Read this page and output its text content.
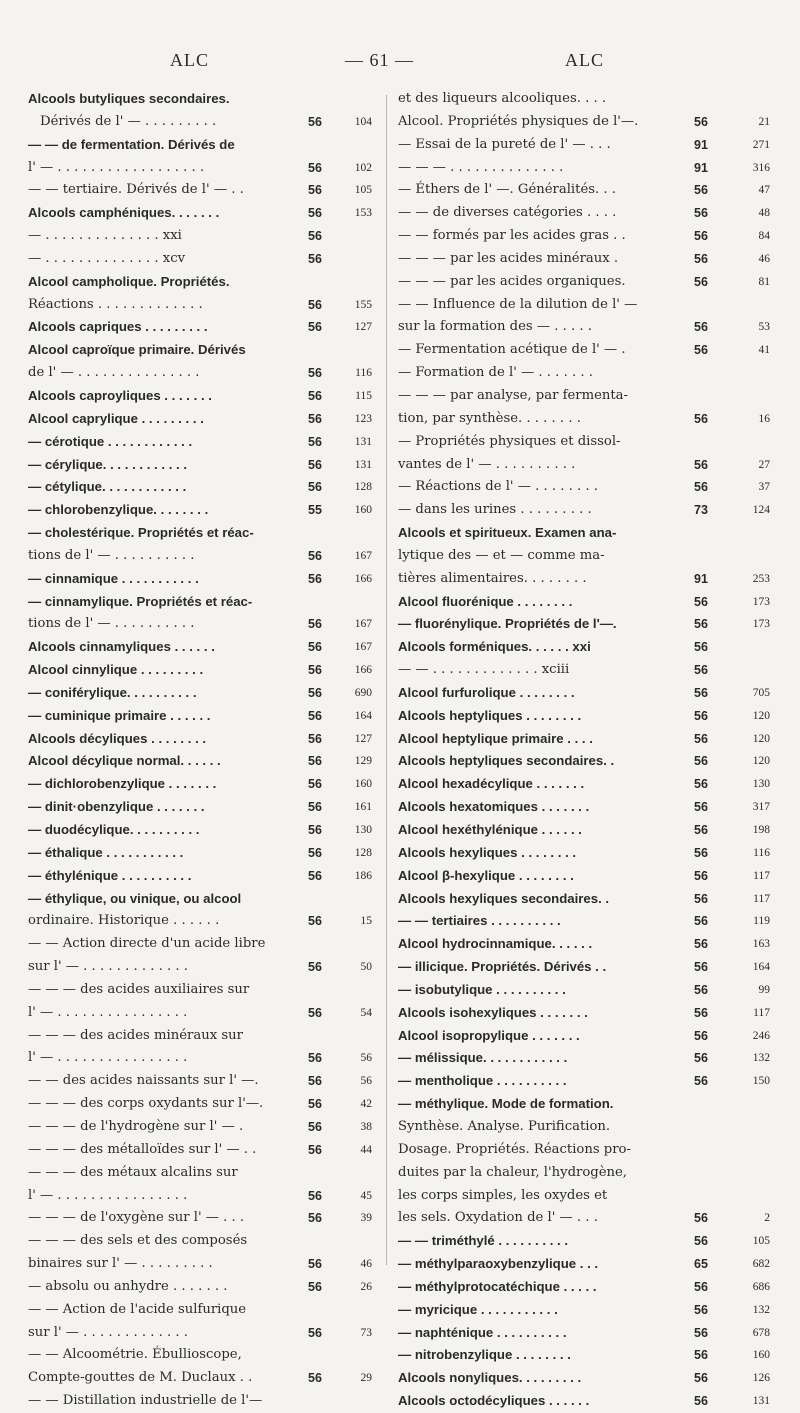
ALC	— 61 —	ALC
Alcools butyliques secondaires.
Dérivés de l' — . . . . . . . . .	56	104
— — de fermentation. Dérivés de
l' — . . . . . . . . . . . . . . . . . .	56	102
— — tertiaire. Dérivés de l' — . .	56	105
Alcools camphéniques. . . . . . .	56	153
— . . . . . . . . . . . . . . xxi	56
— . . . . . . . . . . . . . . xcv	56
Alcool campholique. Propriétés.
Réactions . . . . . . . . . . . . .	56	155
Alcools capriques . . . . . . . . .	56	127
Alcool caproïque primaire. Dérivés
de l' — . . . . . . . . . . . . . . .	56	116
Alcools caproyliques . . . . . . .	56	115
Alcool caprylique . . . . . . . . .	56	123
— cérotique . . . . . . . . . . . .	56	131
— cérylique. . . . . . . . . . . .	56	131
— cétylique. . . . . . . . . . . .	56	128
— chlorobenzylique. . . . . . . .	55	160
— cholestérique. Propriétés et réac-
tions de l' — . . . . . . . . . .	56	167
— cinnamique . . . . . . . . . . .	56	166
— cinnamylique. Propriétés et réac-
tions de l' — . . . . . . . . . .	56	167
Alcools cinnamyliques . . . . . .	56	167
Alcool cinnylique . . . . . . . . .	56	166
— coniférylique. . . . . . . . . .	56	690
— cuminique primaire . . . . . .	56	164
Alcools décyliques . . . . . . . .	56	127
Alcool décylique normal. . . . . .	56	129
— dichlorobenzylique . . . . . . .	56	160
— dinit·obenzylique . . . . . . .	56	161
— duodécylique. . . . . . . . . .	56	130
— éthalique . . . . . . . . . . .	56	128
— éthylénique . . . . . . . . . .	56	186
— éthylique, ou vinique, ou alcool
ordinaire. Historique . . . . . .	56	15
— — Action directe d'un acide libre
sur l' — . . . . . . . . . . . . .	56	50
— — — des acides auxiliaires sur
l' — . . . . . . . . . . . . . . . .	56	54
— — — des acides minéraux sur
l' — . . . . . . . . . . . . . . . .	56	56
— — des acides naissants sur l' —.	56	56
— — — des corps oxydants sur l'—.	56	42
— — — de l'hydrogène sur l' — .	56	38
— — — des métalloïdes sur l' — . .	56	44
— — — des métaux alcalins sur
l' — . . . . . . . . . . . . . . . .	56	45
— — — de l'oxygène sur l' — . . .	56	39
— — — des sels et des composés
binaires sur l' — . . . . . . . . .	56	46
— absolu ou anhydre . . . . . . .	56	26
— — Action de l'acide sulfurique
sur l' — . . . . . . . . . . . . .	56	73
— — Alcoométrie. Ébullioscope,
Compte-gouttes de M. Duclaux . .	56	29
— — Distillation industrielle de l'—
et des liqueurs alcooliques. . . .
Alcool. Propriétés physiques de l'—.	56	21
— Essai de la pureté de l' — . . .	91	271
— — — . . . . . . . . . . . . . .	91	316
— Éthers de l' —. Généralités. . .	56	47
— — de diverses catégories . . . .	56	48
— — formés par les acides gras . .	56	84
— — — par les acides minéraux .	56	46
— — — par les acides organiques.	56	81
— — Influence de la dilution de l' —
sur la formation des — . . . . .	56	53
— Fermentation acétique de l' — .	56	41
— Formation de l' — . . . . . . .
— — — par analyse, par fermenta-
tion, par synthèse. . . . . . . .	56	16
— Propriétés physiques et dissol-
vantes de l' — . . . . . . . . . .	56	27
— Réactions de l' — . . . . . . . .	56	37
— dans les urines . . . . . . . . .	73	124
Alcools et spiritueux. Examen ana-
lytique des — et — comme ma-
tières alimentaires. . . . . . . .	91	253
Alcool fluorénique . . . . . . . .	56	173
— fluorénylique. Propriétés de l'—.	56	173
Alcools forméniques. . . . . . xxi	56
— — . . . . . . . . . . . . . xciii	56
Alcool furfurolique . . . . . . . .	56	705
Alcools heptyliques . . . . . . . .	56	120
Alcool heptylique primaire . . . .	56	120
Alcools heptyliques secondaires. .	56	120
Alcool hexadécylique . . . . . . .	56	130
Alcools hexatomiques . . . . . . .	56	317
Alcool hexéthylénique . . . . . .	56	198
Alcools hexyliques . . . . . . . .	56	116
Alcool β-hexylique . . . . . . . .	56	117
Alcools hexyliques secondaires. .	56	117
— — tertiaires . . . . . . . . . .	56	119
Alcool hydrocinnamique. . . . . .	56	163
— illicique. Propriétés. Dérivés . .	56	164
— isobutylique . . . . . . . . . .	56	99
Alcools isohexyliques . . . . . . .	56	117
Alcool isopropylique . . . . . . .	56	246
— mélissique. . . . . . . . . . . .	56	132
— mentholique . . . . . . . . . .	56	150
— méthylique. Mode de formation.
Synthèse. Analyse. Purification.
Dosage. Propriétés. Réactions pro-
duites par la chaleur, l'hydrogène,
les corps simples, les oxydes et
les sels. Oxydation de l' — . . .	56	2
— — triméthylé . . . . . . . . . .	56	105
— méthylparaoxybenzylique . . .	65	682
— méthylprotocatéchique . . . . .	56	686
— myricique . . . . . . . . . . .	56	132
— naphténique . . . . . . . . . .	56	678
— nitrobenzylique . . . . . . . .	56	160
Alcools nonyliques. . . . . . . . .	56	126
Alcools octodécyliques . . . . . .	56	131
